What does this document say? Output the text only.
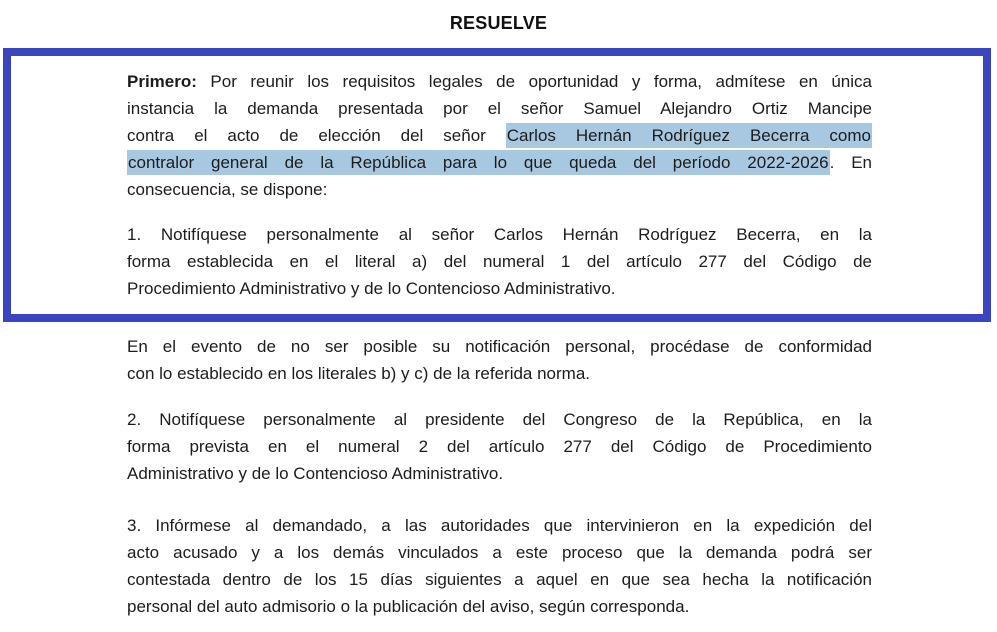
RESUELVE
Primero: Por reunir los requisitos legales de oportunidad y forma, admítese en única
instancia la demanda presentada por el señor Samuel Alejandro Ortiz Mancipe
contra el acto de elección del señor Carlos Hernán Rodríguez Becerra como
contralor general de la República para lo que queda del período 2022-2026. En
consecuencia, se dispone:
1. Notifíquese personalmente al señor Carlos Hernán Rodríguez Becerra, en la
forma establecida en el literal a) del numeral 1 del artículo 277 del Código de
Procedimiento Administrativo y de lo Contencioso Administrativo.
En el evento de no ser posible su notificación personal, procédase de conformidad
con lo establecido en los literales b) y c) de la referida norma.
2. Notifíquese personalmente al presidente del Congreso de la República, en la
forma prevista en el numeral 2 del artículo 277 del Código de Procedimiento
Administrativo y de lo Contencioso Administrativo.
3. Infórmese al demandado, a las autoridades que intervinieron en la expedición del
acto acusado y a los demás vinculados a este proceso que la demanda podrá ser
contestada dentro de los 15 días siguientes a aquel en que sea hecha la notificación
personal del auto admisorio o la publicación del aviso, según corresponda.
